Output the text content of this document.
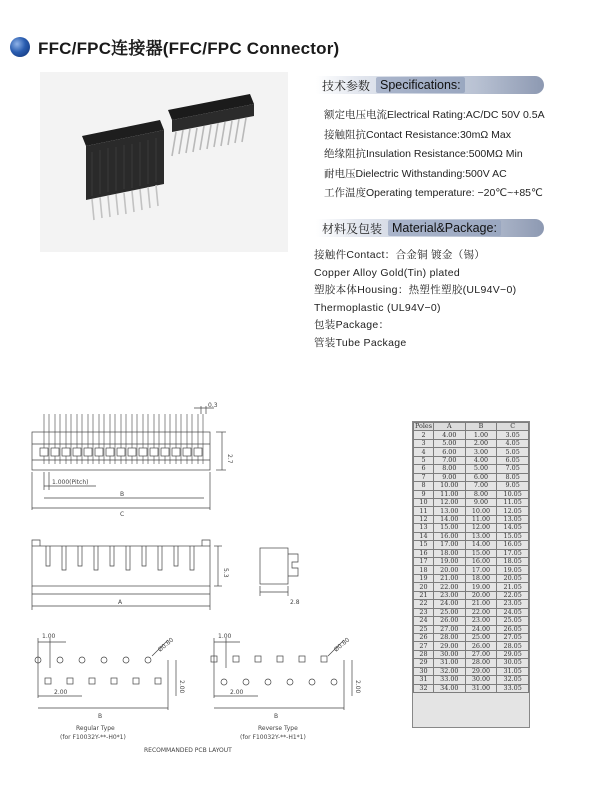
FFC/FPC连接器(FFC/FPC Connector)
技术参数 Specifications:
额定电压电流Electrical Rating:AC/DC 50V 0.5A
接触阻抗Contact Resistance:30mΩ Max
绝缘阻抗Insulation Resistance:500MΩ Min
耐电压Dielectric Withstanding:500V AC
工作温度Operating temperature: −20℃~+85℃
材料及包装 Material&Package:
接触件Contact：合金铜 镀金（锡）
Copper Alloy Gold(Tin) plated
塑胶本体Housing：热塑性塑胶(UL94V−0)
Thermoplastic (UL94V−0)
包装Package：
管装Tube Package
0.3
2.7
1.000(Pitch)
B
C
A
5.3
2.8
1.00
Ø0.80
2.00	2.00
B
Regular Type
(for F10032Y-**-H0*1)
1.00
Ø0.80
2.00	2.00
B
Reverse Type
(for F10032Y-**-H1*1)
RECOMMANDED PCB LAYOUT
Poles	A	B	C
2	4.00	1.00	3.05
3	5.00	2.00	4.05
4	6.00	3.00	5.05
5	7.00	4.00	6.05
6	8.00	5.00	7.05
7	9.00	6.00	8.05
8	10.00	7.00	9.05
9	11.00	8.00	10.05
10	12.00	9.00	11.05
11	13.00	10.00	12.05
12	14.00	11.00	13.05
13	15.00	12.00	14.05
14	16.00	13.00	15.05
15	17.00	14.00	16.05
16	18.00	15.00	17.05
17	19.00	16.00	18.05
18	20.00	17.00	19.05
19	21.00	18.00	20.05
20	22.00	19.00	21.05
21	23.00	20.00	22.05
22	24.00	21.00	23.05
23	25.00	22.00	24.05
24	26.00	23.00	25.05
25	27.00	24.00	26.05
26	28.00	25.00	27.05
27	29.00	26.00	28.05
28	30.00	27.00	29.05
29	31.00	28.00	30.05
30	32.00	29.00	31.05
31	33.00	30.00	32.05
32	34.00	31.00	33.05
